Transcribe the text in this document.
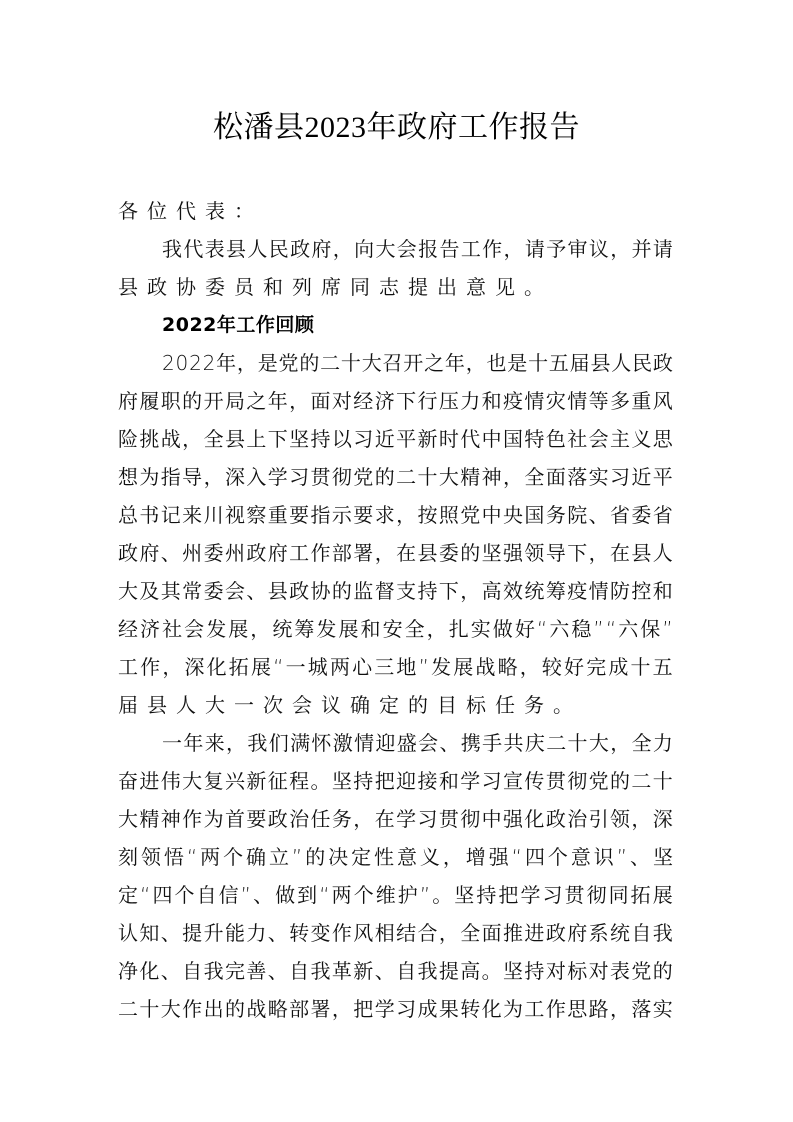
松潘县2023年政府工作报告
各位代表：
我 代 表 县 人 民 政 府 ， 向 大 会 报 告 工 作 ， 请 予 审 议 ， 并 请
县政协委员和列席同志提出意见。
2022年工作回顾
2 0 2 2 年 ， 是 党 的 二 十 大 召 开 之 年 ， 也 是 十 五 届 县 人 民 政
府 履 职 的 开 局 之 年 ， 面 对 经 济 下 行 压 力 和 疫 情 灾 情 等 多 重 风
险 挑 战 ， 全 县 上 下 坚 持 以 习 近 平 新 时 代 中 国 特 色 社 会 主 义 思
想 为 指 导 ， 深 入 学 习 贯 彻 党 的 二 十 大 精 神 ， 全 面 落 实 习 近 平
总 书 记 来 川 视 察 重 要 指 示 要 求 ， 按 照 党 中 央 国 务 院 、 省 委 省
政 府 、 州 委 州 政 府 工 作 部 署 ， 在 县 委 的 坚 强 领 导 下 ， 在 县 人
大 及 其 常 委 会 、 县 政 协 的 监 督 支 持 下 ， 高 效 统 筹 疫 情 防 控 和
经 济 社 会 发 展 ， 统 筹 发 展 和 安 全 ， 扎 实 做 好 “ 六 稳 ” “ 六 保 ”
工 作 ， 深 化 拓 展 “ 一 城 两 心 三 地 ” 发 展 战 略 ， 较 好 完 成 十 五
届县人大一次会议确定的目标任务。
一 年 来 ， 我 们 满 怀 激 情 迎 盛 会 、 携 手 共 庆 二 十 大 ， 全 力
奋 进 伟 大 复 兴 新 征 程 。 坚 持 把 迎 接 和 学 习 宣 传 贯 彻 党 的 二 十
大 精 神 作 为 首 要 政 治 任 务 ， 在 学 习 贯 彻 中 强 化 政 治 引 领 ， 深
刻 领 悟 “ 两 个 确 立 ” 的 决 定 性 意 义 ， 增 强 “ 四 个 意 识 ” 、 坚
定 “ 四 个 自 信 ” 、 做 到 “ 两 个 维 护 ” 。 坚 持 把 学 习 贯 彻 同 拓 展
认 知 、 提 升 能 力 、 转 变 作 风 相 结 合 ， 全 面 推 进 政 府 系 统 自 我
净 化 、 自 我 完 善 、 自 我 革 新 、 自 我 提 高 。 坚 持 对 标 对 表 党 的
二 十 大 作 出 的 战 略 部 署 ， 把 学 习 成 果 转 化 为 工 作 思 路 ， 落 实
